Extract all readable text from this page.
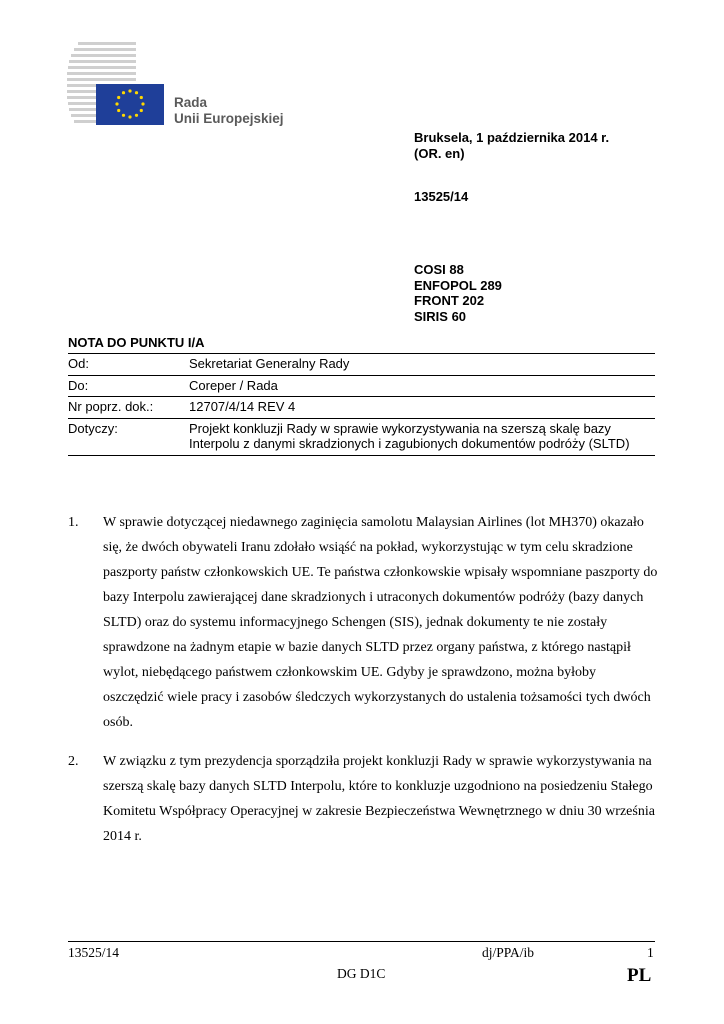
Rada
Unii Europejskiej
Bruksela, 1 października 2014 r.
(OR. en)
13525/14
COSI 88
ENFOPOL 289
FRONT 202
SIRIS 60
NOTA DO PUNKTU I/A
Od:	Sekretariat Generalny Rady
Do:	Coreper / Rada
Nr poprz. dok.:	12707/4/14 REV 4
Dotyczy:	Projekt konkluzji Rady w sprawie wykorzystywania na szerszą skalę bazy Interpolu z danymi skradzionych i zagubionych dokumentów podróży (SLTD)
1. W sprawie dotyczącej niedawnego zaginięcia samolotu Malaysian Airlines (lot MH370) okazało się, że dwóch obywateli Iranu zdołało wsiąść na pokład, wykorzystując w tym celu skradzione paszporty państw członkowskich UE. Te państwa członkowskie wpisały wspomniane paszporty do bazy Interpolu zawierającej dane skradzionych i utraconych dokumentów podróży (bazy danych SLTD) oraz do systemu informacyjnego Schengen (SIS), jednak dokumenty te nie zostały sprawdzone na żadnym etapie w bazie danych SLTD przez organy państwa, z którego nastąpił wylot, niebędącego państwem członkowskim UE. Gdyby je sprawdzono, można byłoby oszczędzić wiele pracy i zasobów śledczych wykorzystanych do ustalenia tożsamości tych dwóch osób.
2. W związku z tym prezydencja sporządziła projekt konkluzji Rady w sprawie wykorzystywania na szerszą skalę bazy danych SLTD Interpolu, które to konkluzje uzgodniono na posiedzeniu Stałego Komitetu Współpracy Operacyjnej w zakresie Bezpieczeństwa Wewnętrznego w dniu 30 września 2014 r.
13525/14	dj/PPA/ib	1
DG D1C	PL
